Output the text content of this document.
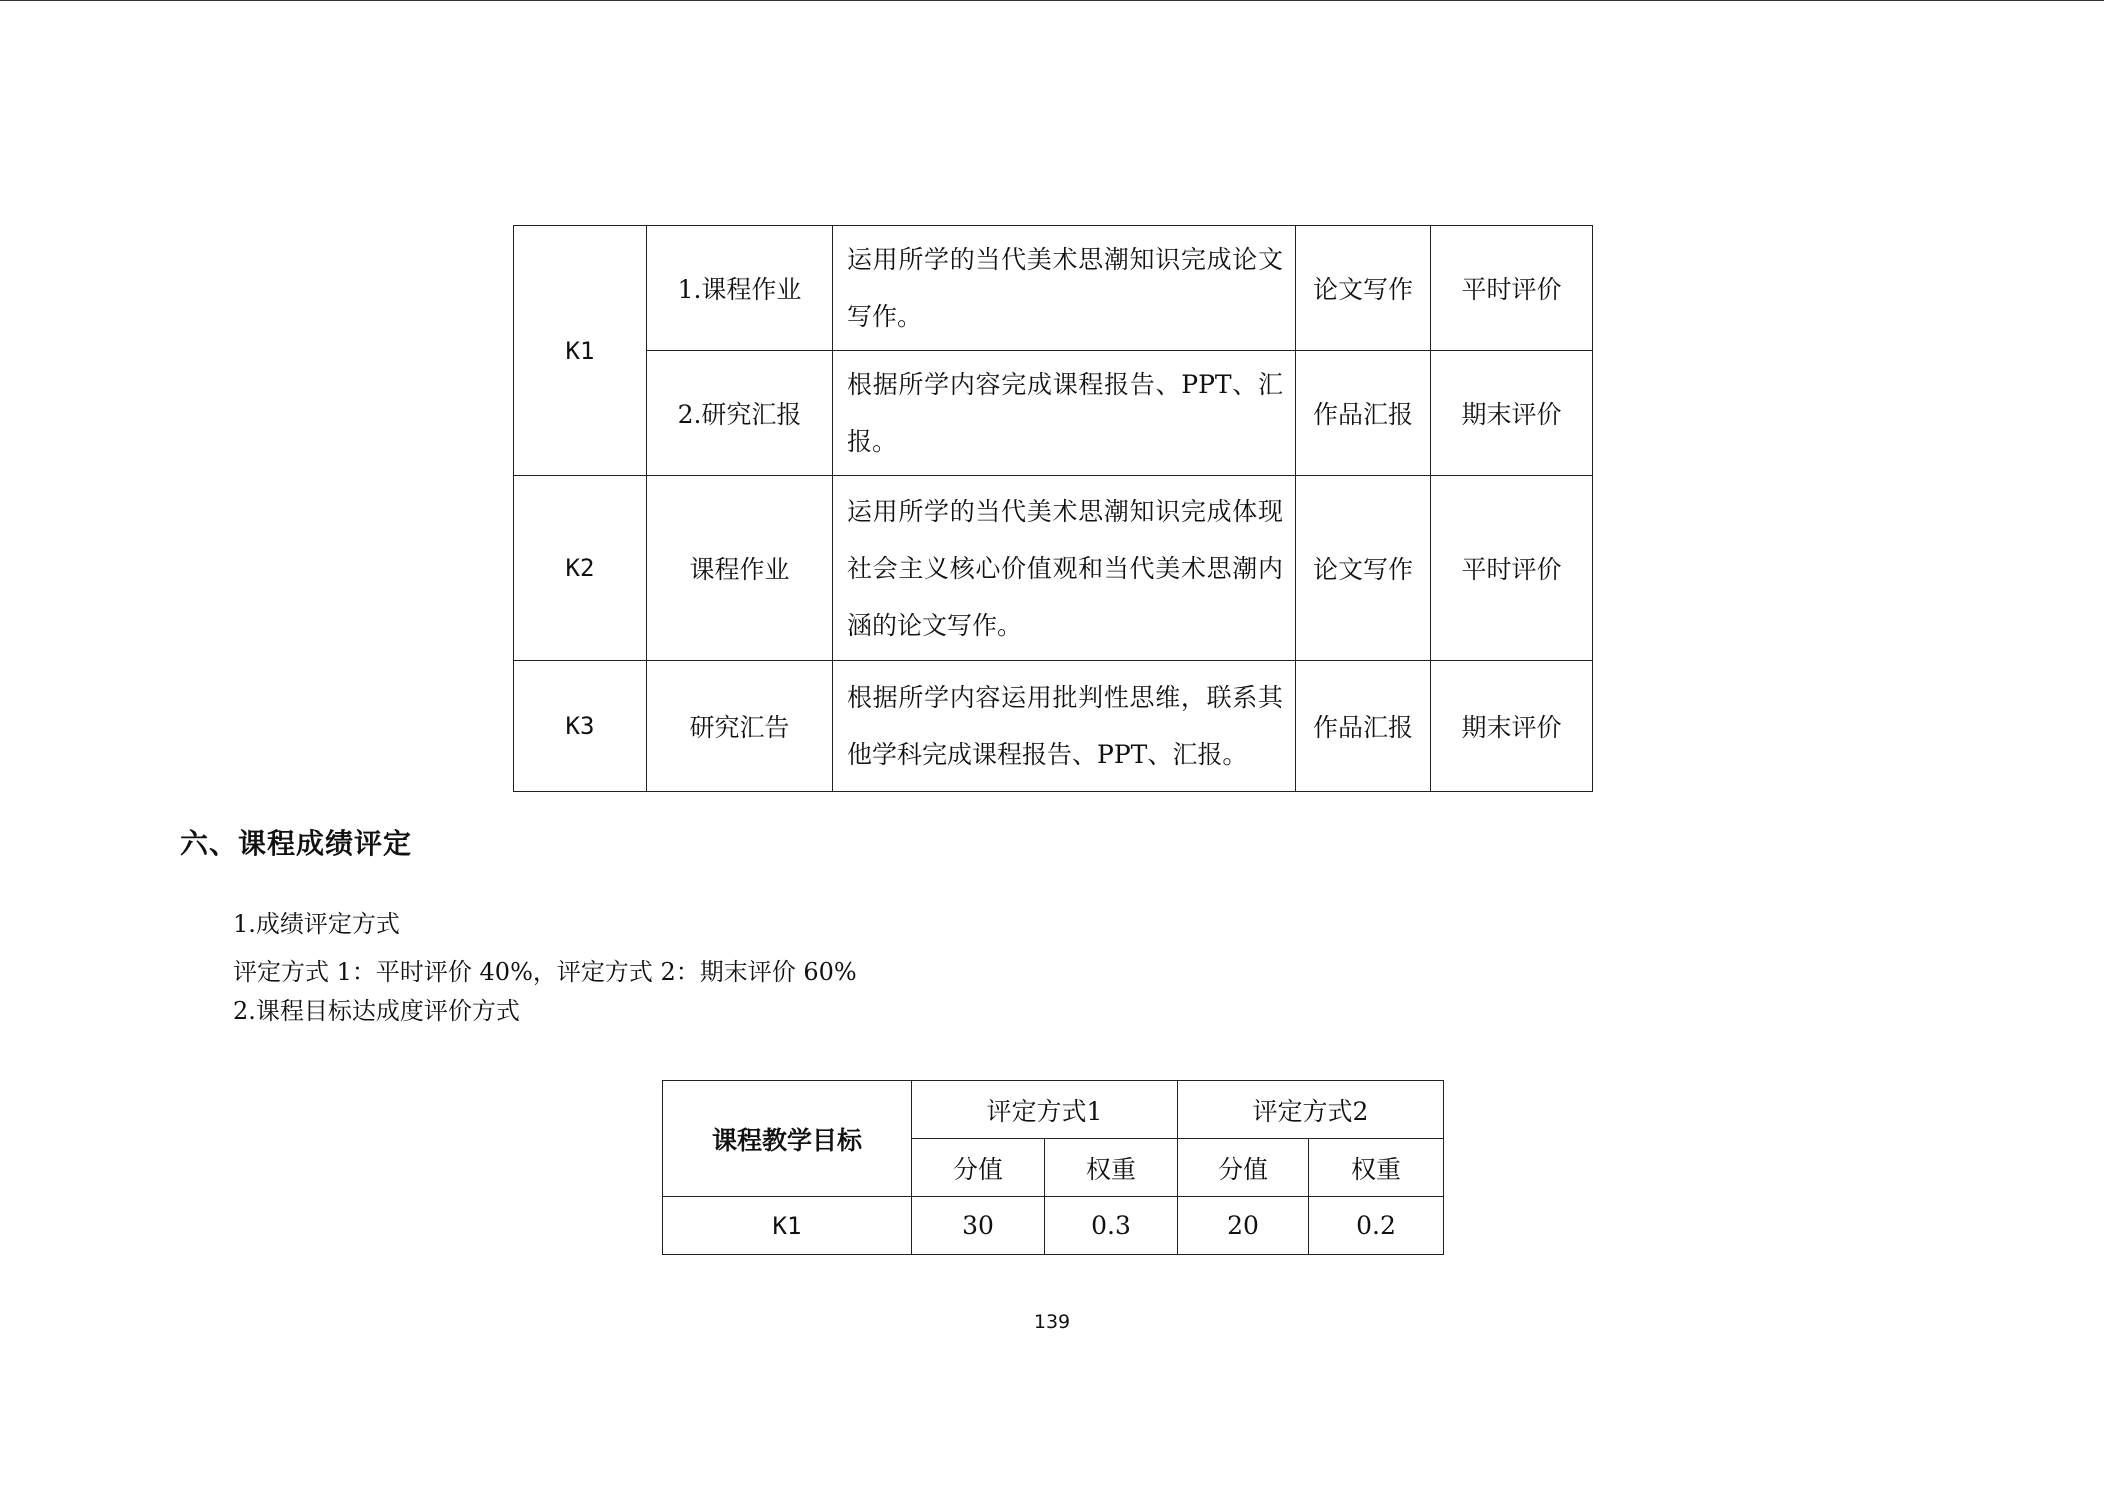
K1	1.课程作业	运用所学的当代美术思潮知识完成论文写作。	论文写作	平时评价
	2.研究汇报	根据所学内容完成课程报告、PPT、汇报。	作品汇报	期末评价
K2	课程作业	运用所学的当代美术思潮知识完成体现社会主义核心价值观和当代美术思潮内涵的论文写作。	论文写作	平时评价
K3	研究汇告	根据所学内容运用批判性思维，联系其他学科完成课程报告、PPT、汇报。	作品汇报	期末评价
六、课程成绩评定
1.成绩评定方式
评定方式 1：平时评价 40%，评定方式 2：期末评价 60%
2.课程目标达成度评价方式
课程教学目标	评定方式1		评定方式2	
	分值	权重	分值	权重
K1	30	0.3	20	0.2
139
